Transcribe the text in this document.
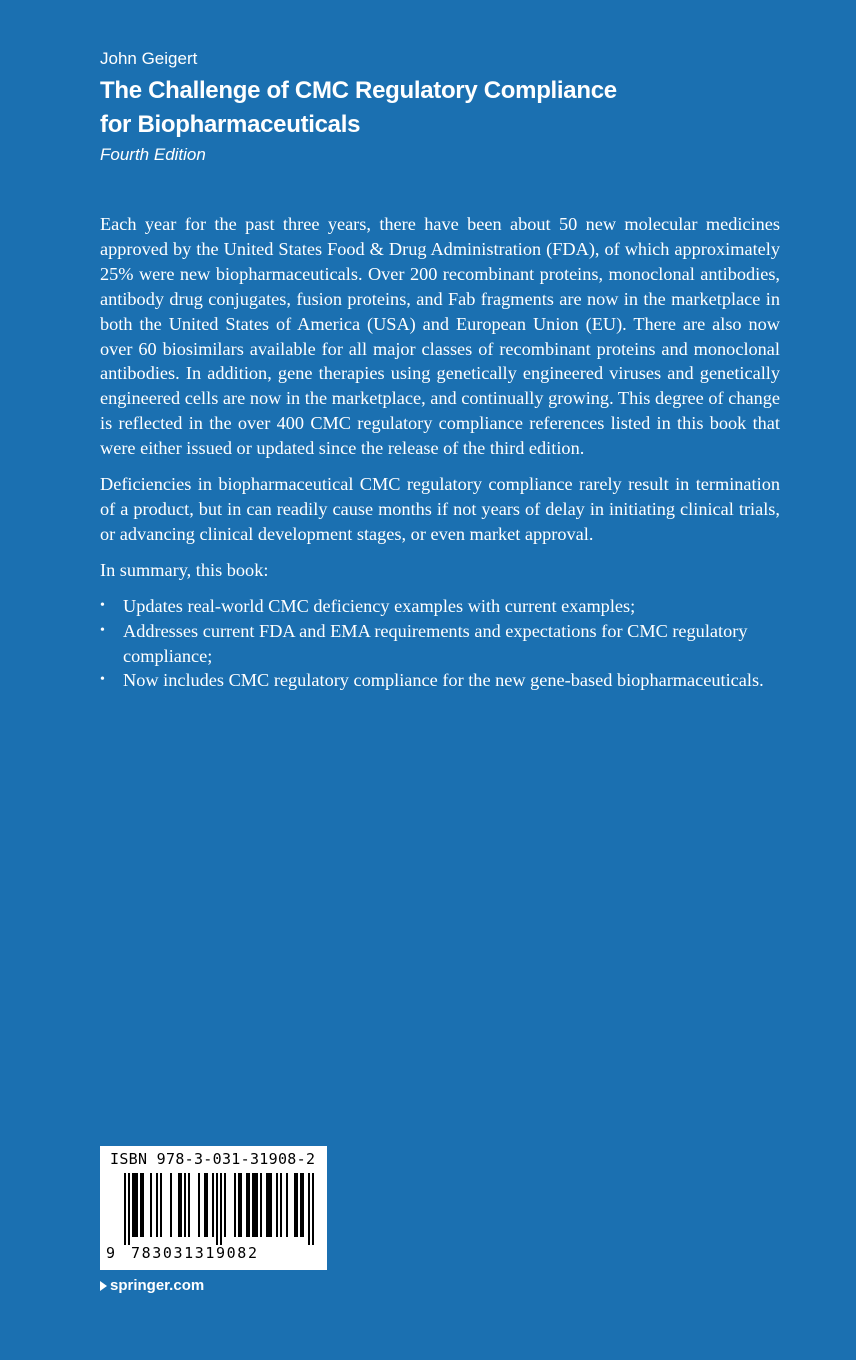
John Geigert
The Challenge of CMC Regulatory Compliance
for Biopharmaceuticals
Fourth Edition

Each year for the past three years, there have been about 50 new molecular medicines approved by the United States Food & Drug Administration (FDA), of which approximately 25% were new biopharmaceuticals. Over 200 recombinant proteins, monoclonal antibodies, antibody drug conjugates, fusion proteins, and Fab fragments are now in the marketplace in both the United States of America (USA) and European Union (EU). There are also now over 60 biosimilars available for all major classes of recombinant proteins and monoclonal antibodies. In addition, gene therapies using genetically engineered viruses and genetically engineered cells are now in the marketplace, and continually growing. This degree of change is reflected in the over 400 CMC regulatory compliance references listed in this book that were either issued or updated since the release of the third edition.

Deficiencies in biopharmaceutical CMC regulatory compliance rarely result in termination of a product, but in can readily cause months if not years of delay in initiating clinical trials, or advancing clinical development stages, or even market approval.

In summary, this book:

• Updates real-world CMC deficiency examples with current examples;
• Addresses current FDA and EMA requirements and expectations for CMC regulatory compliance;
• Now includes CMC regulatory compliance for the new gene-based biopharmaceuticals.
ISBN 978-3-031-31908-2
9 783031319082
springer.com
